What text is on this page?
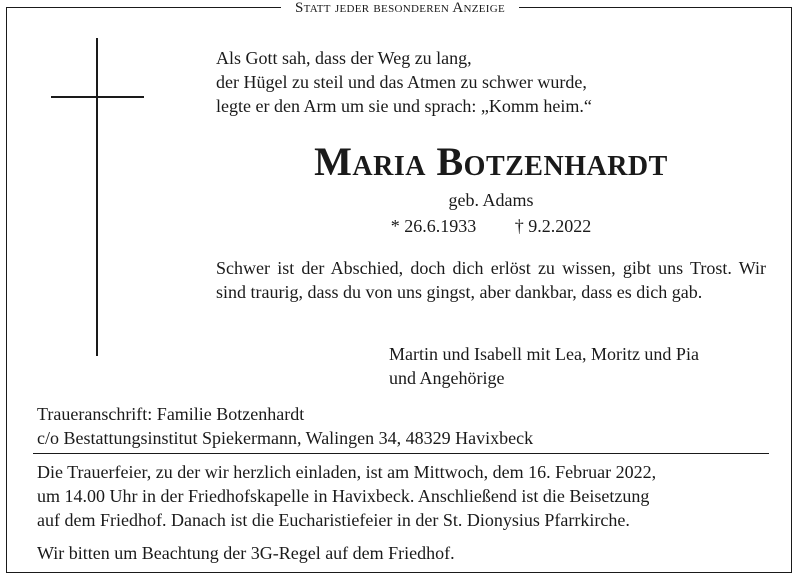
Statt jeder besonderen Anzeige
Als Gott sah, dass der Weg zu lang,
der Hügel zu steil und das Atmen zu schwer wurde,
legte er den Arm um sie und sprach: „Komm heim.“
Maria Botzenhardt
geb. Adams
* 26.6.1933 † 9.2.2022
Schwer ist der Abschied, doch dich erlöst zu wissen, gibt uns Trost. Wir sind traurig, dass du von uns gingst, aber dankbar, dass es dich gab.
Martin und Isabell mit Lea, Moritz und Pia
und Angehörige
Traueranschrift: Familie Botzenhardt
c/o Bestattungsinstitut Spiekermann, Walingen 34, 48329 Havixbeck
Die Trauerfeier, zu der wir herzlich einladen, ist am Mittwoch, dem 16. Februar 2022,
um 14.00 Uhr in der Friedhofskapelle in Havixbeck. Anschließend ist die Beisetzung
auf dem Friedhof. Danach ist die Eucharistiefeier in der St. Dionysius Pfarrkirche.
Wir bitten um Beachtung der 3G-Regel auf dem Friedhof.
